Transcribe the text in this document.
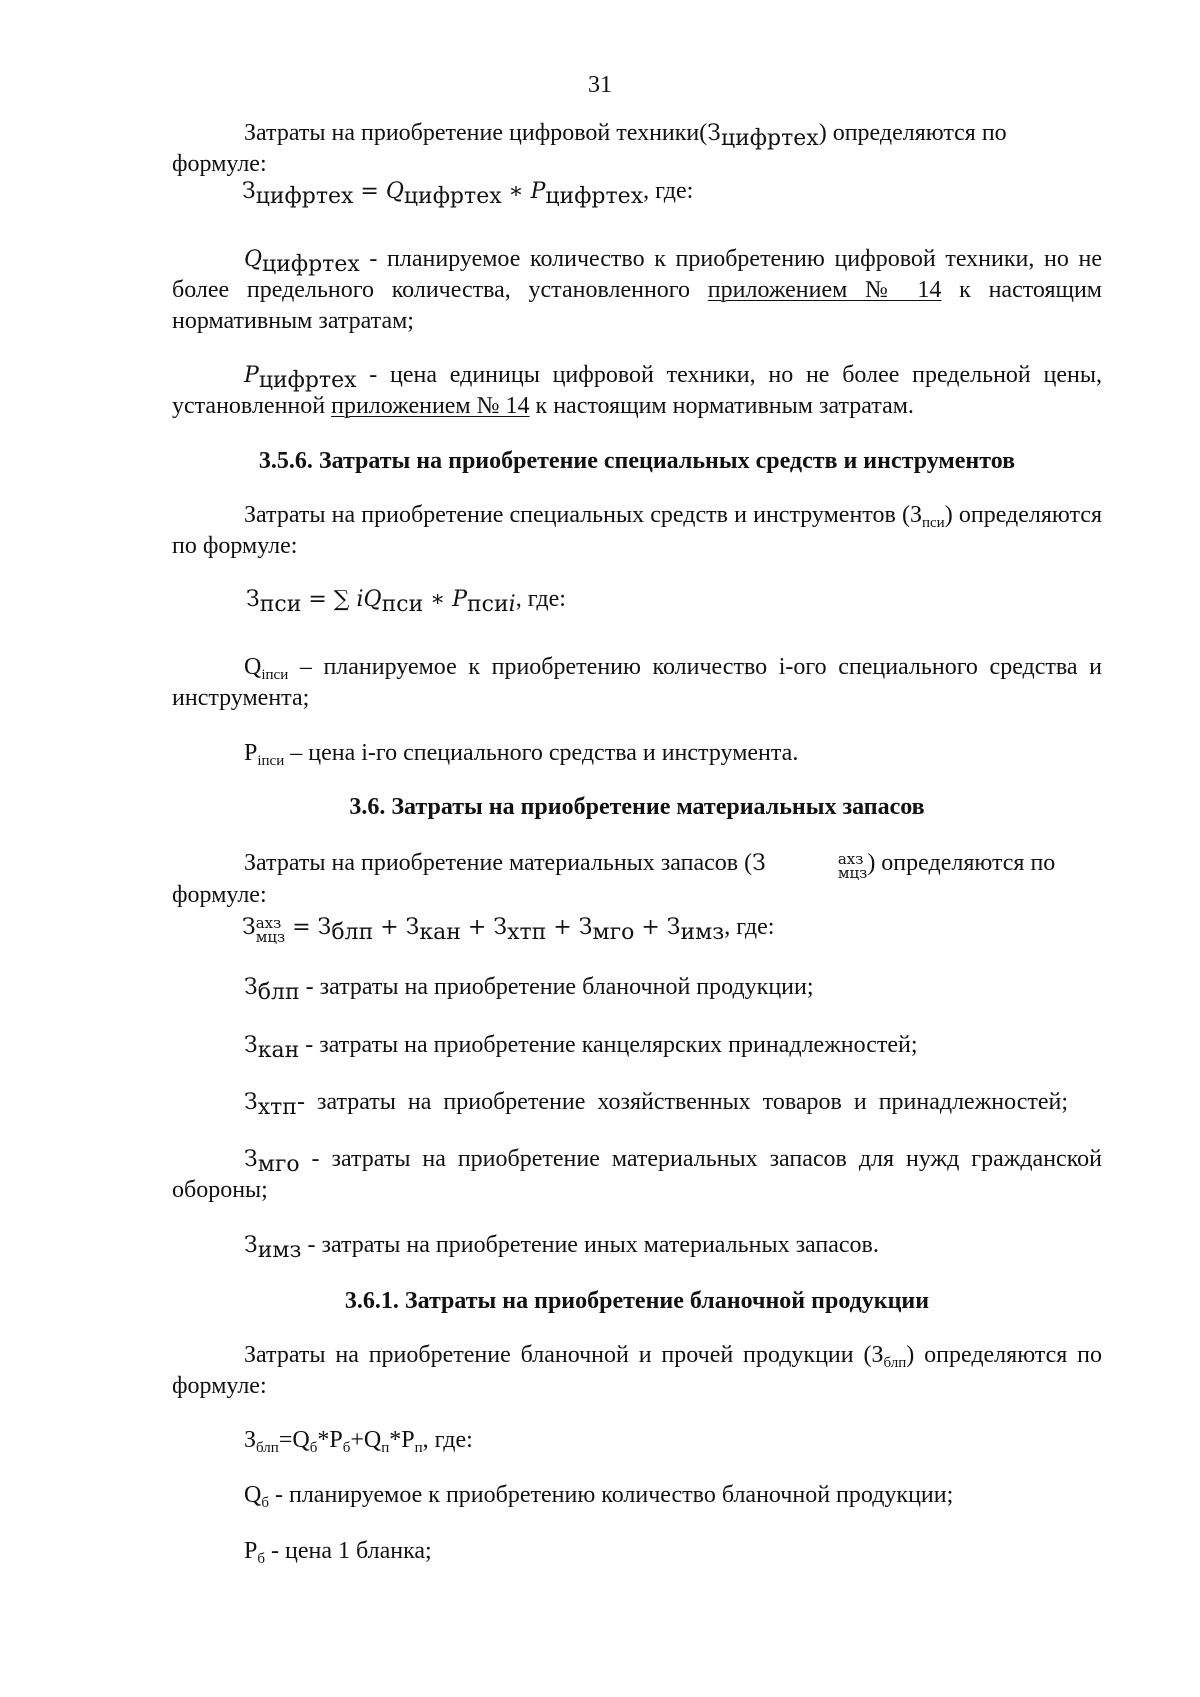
31

Затраты на приобретение цифровой $техники(З_{цифртех})$ определяются по формуле:

$З_{цифртех} = Q_{цифртех}$ ∗ $P_{цифртех}$, где:

$Q_{цифртех}$ - планируемое количество к приобретению цифровой техники, но не более предельного количества, установленного приложением № 14 к настоящим нормативным затратам;

$P_{цифртех}$ - цена единицы цифровой техники, но не более предельной цены, установленной приложением № 14 к настоящим нормативным затратам.

3.5.6. Затраты на приобретение специальных средств и инструментов

Затраты на приобретение специальных средств и инструментов $(З_{пси})$ определяются по формуле:

$З_{пси}$ = ∑ $iQ_{пси}$ ∗ $P_{псиi}$, где:

$Q_{iпси}$ – планируемое к приобретению количество i-ого специального средства и инструмента;

$P_{iпси}$ – цена i-го специального средства и инструмента.

3.6. Затраты на приобретение материальных запасов

Затраты на приобретение материальных запасов (З	ахз
мцз ) определяются по формуле:

З ахз
мцз = $З_{блп} + З_{кан} + З_{хтп} + З_{мго} + З_{имз}$, где:

$З_{блп}$ - затраты на приобретение бланочной продукции;

$З_{кан}$ - затраты на приобретение канцелярских принадлежностей;

$З_{хтп}-$  затраты  на  приобретение  хозяйственных  товаров  и  принадлежностей;

$З_{мго}$ - затраты на приобретение материальных запасов для нужд гражданской обороны;

$З_{имз}$ - затраты на приобретение иных материальных запасов.

3.6.1. Затраты на приобретение бланочной продукции

Затраты на приобретение бланочной и прочей продукции $(З_{блп})$ определяются по формуле:

$З_{блп}=Q_б*P_б+Q_п*P_п$, где:

$Q_б$ - планируемое к приобретению количество бланочной продукции;

$P_б$ - цена 1 бланка;
